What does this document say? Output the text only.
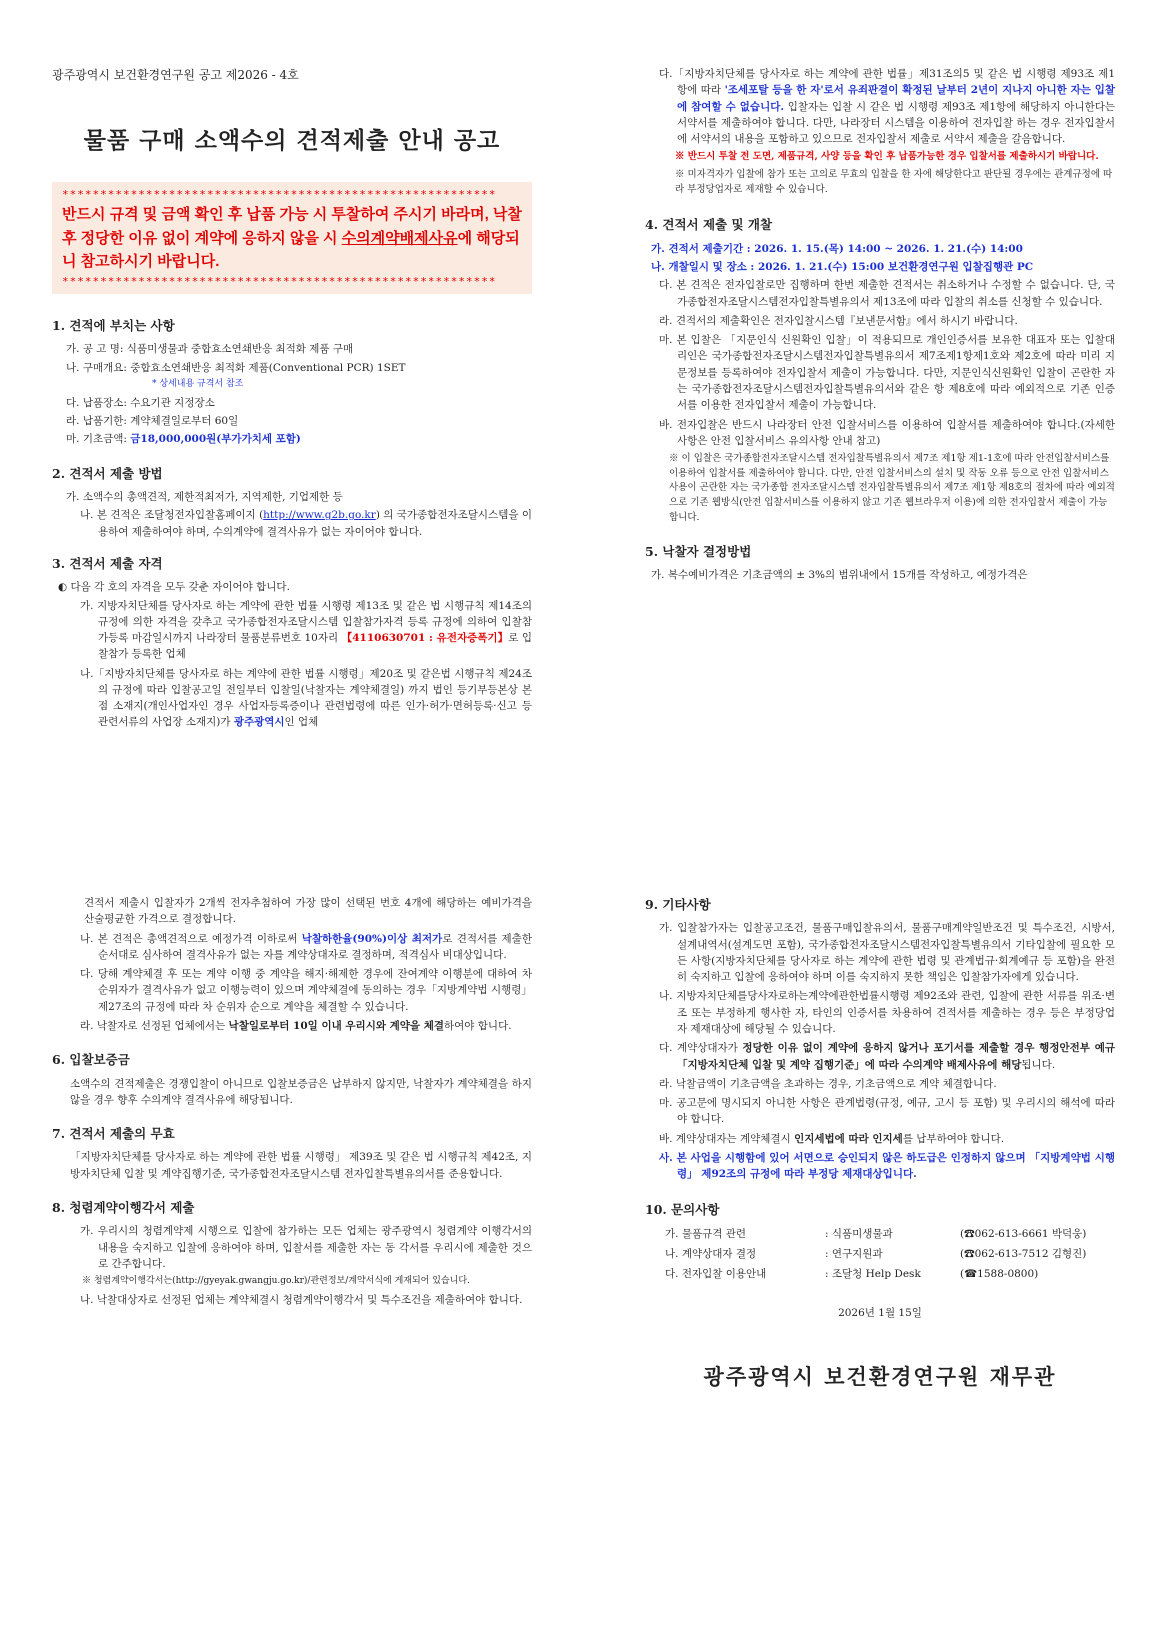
광주광역시 보건환경연구원 공고 제2026 - 4호
물품 구매 소액수의 견적제출 안내 공고
*********************************************************
반드시 규격 및 금액 확인 후 납품 가능 시 투찰하여 주시기 바라며, 낙찰 후 정당한 이유 없이 계약에 응하지 않을 시 수의계약배제사유에 해당되니 참고하시기 바랍니다.
*********************************************************
1. 견적에 부치는 사항
가. 공 고 명: 식품미생물과 중합효소연쇄반응 최적화 제품 구매
나. 구매개요: 중합효소연쇄반응 최적화 제품(Conventional PCR) 1SET
* 상세내용 규격서 참조
다. 납품장소: 수요기관 지정장소
라. 납품기한: 계약체결일로부터 60일
마. 기초금액: 금18,000,000원(부가가치세 포함)
2. 견적서 제출 방법
가. 소액수의 총액견적, 제한적최저가, 지역제한, 기업제한 등
나. 본 견적은 조달청전자입찰홈페이지 (http://www.g2b.go.kr) 의 국가종합전자조달시스템을 이용하여 제출하여야 하며, 수의계약에 결격사유가 없는 자이어야 합니다.
3. 견적서 제출 자격
◐ 다음 각 호의 자격을 모두 갖춘 자이어야 합니다.
가. 지방자치단체를 당사자로 하는 계약에 관한 법률 시행령 제13조 및 같은 법 시행규칙 제14조의 규정에 의한 자격을 갖추고 국가종합전자조달시스템 입찰참가자격 등록 규정에 의하여 입찰참가등록 마감일시까지 나라장터 물품분류번호 10자리 【4110630701 : 유전자증폭기】로 입찰참가 등록한 업체
나.「지방자치단체를 당사자로 하는 계약에 관한 법률 시행령」제20조 및 같은법 시행규칙 제24조의 규정에 따라 입찰공고일 전일부터 입찰일(낙찰자는 계약체결일) 까지 법인 등기부등본상 본점 소재지(개인사업자인 경우 사업자등록증이나 관련법령에 따른 인가·허가·면허등록·신고 등 관련서류의 사업장 소재지)가 광주광역시인 업체
다.「지방자치단체를 당사자로 하는 계약에 관한 법률」제31조의5 및 같은 법 시행령 제93조 제1항에 따라 '조세포탈 등을 한 자'로서 유죄판결이 확정된 날부터 2년이 지나지 아니한 자는 입찰에 참여할 수 없습니다. 입찰자는 입찰 시 같은 법 시행령 제93조 제1항에 해당하지 아니한다는 서약서를 제출하여야 합니다. 다만, 나라장터 시스템을 이용하여 전자입찰 하는 경우 전자입찰서에 서약서의 내용을 포함하고 있으므로 전자입찰서 제출로 서약서 제출을 갈음합니다.
※ 반드시 투찰 전 도면, 제품규격, 사양 등을 확인 후 납품가능한 경우 입찰서를 제출하시기 바랍니다.
※ 미자격자가 입찰에 참가 또는 고의로 무효의 입찰을 한 자에 해당한다고 판단될 경우에는 관계규정에 따라 부정당업자로 제재할 수 있습니다.
4. 견적서 제출 및 개찰
가. 견적서 제출기간 : 2026. 1. 15.(목) 14:00 ~ 2026. 1. 21.(수) 14:00
나. 개찰일시 및 장소 : 2026. 1. 21.(수) 15:00 보건환경연구원 입찰집행관 PC
다. 본 견적은 전자입찰로만 집행하며 한번 제출한 견적서는 취소하거나 수정할 수 없습니다. 단, 국가종합전자조달시스템전자입찰특별유의서 제13조에 따라 입찰의 취소를 신청할 수 있습니다.
라. 견적서의 제출확인은 전자입찰시스템『보낸문서함』에서 하시기 바랍니다.
마. 본 입찰은 「지문인식 신원확인 입찰」이 적용되므로 개인인증서를 보유한 대표자 또는 입찰대리인은 국가종합전자조달시스템전자입찰특별유의서 제7조제1항제1호와 제2호에 따라 미리 지문정보를 등록하여야 전자입찰서 제출이 가능합니다. 다만, 지문인식신원확인 입찰이 곤란한 자는 국가종합전자조달시스템전자입찰특별유의서와 같은 항 제8호에 따라 예외적으로 기존 인증서를 이용한 전자입찰서 제출이 가능합니다.
바. 전자입찰은 반드시 나라장터 안전 입찰서비스를 이용하여 입찰서를 제출하여야 합니다.(자세한 사항은 안전 입찰서비스 유의사항 안내 참고)
※ 이 입찰은 국가종합전자조달시스템 전자입찰특별유의서 제7조 제1항 제1-1호에 따라 안전입찰서비스를 이용하여 입찰서를 제출하여야 합니다. 다만, 안전 입찰서비스의 설치 및 작동 오류 등으로 안전 입찰서비스 사용이 곤란한 자는 국가종합 전자조달시스템 전자입찰특별유의서 제7조 제1항 제8호의 절차에 따라 예외적으로 기존 웹방식(안전 입찰서비스를 이용하지 않고 기존 웹브라우저 이용)에 의한 전자입찰서 제출이 가능합니다.
5. 낙찰자 결정방법
가. 복수예비가격은 기초금액의 ± 3%의 범위내에서 15개를 작성하고, 예정가격은
견적서 제출시 입찰자가 2개씩 전자추첨하여 가장 많이 선택된 번호 4개에 해당하는 예비가격을 산술평균한 가격으로 결정합니다.
나. 본 견적은 총액견적으로 예정가격 이하로써 낙찰하한율(90%)이상 최저가로 견적서를 제출한 순서대로 심사하여 결격사유가 없는 자를 계약상대자로 결정하며, 적격심사 비대상입니다.
다. 당해 계약체결 후 또는 계약 이행 중 계약을 해지·해제한 경우에 잔여계약 이행분에 대하여 차 순위자가 결격사유가 없고 이행능력이 있으며 계약체결에 동의하는 경우「지방계약법 시행령」제27조의 규정에 따라 차 순위자 순으로 계약을 체결할 수 있습니다.
라. 낙찰자로 선정된 업체에서는 낙찰일로부터 10일 이내 우리시와 계약을 체결하여야 합니다.
6. 입찰보증금
소액수의 견적제출은 경쟁입찰이 아니므로 입찰보증금은 납부하지 않지만, 낙찰자가 계약체결을 하지 않을 경우 향후 수의계약 결격사유에 해당됩니다.
7. 견적서 제출의 무효
「지방자치단체를 당사자로 하는 계약에 관한 법률 시행령」 제39조 및 같은 법 시행규칙 제42조, 지방자치단체 입찰 및 계약집행기준, 국가종합전자조달시스템 전자입찰특별유의서를 준용합니다.
8. 청렴계약이행각서 제출
가. 우리시의 청렴계약제 시행으로 입찰에 참가하는 모든 업체는 광주광역시 청렴계약 이행각서의 내용을 숙지하고 입찰에 응하여야 하며, 입찰서를 제출한 자는 동 각서를 우리시에 제출한 것으로 간주합니다.
※ 청렴계약이행각서는(http://gyeyak.gwangju.go.kr)/관련정보/계약서식에 게재되어 있습니다.
나. 낙찰대상자로 선정된 업체는 계약체결시 청렴계약이행각서 및 특수조건을 제출하여야 합니다.
9. 기타사항
가. 입찰참가자는 입찰공고조건, 물품구매입찰유의서, 물품구매계약일반조건 및 특수조건, 시방서, 설계내역서(설계도면 포함), 국가종합전자조달시스템전자입찰특별유의서 기타입찰에 필요한 모든 사항(지방자치단체를 당사자로 하는 계약에 관한 법령 및 관계법규·회계예규 등 포함)을 완전히 숙지하고 입찰에 응하여야 하며 이를 숙지하지 못한 책임은 입찰참가자에게 있습니다.
나. 지방자치단체를당사자로하는계약에관한법률시행령 제92조와 관련, 입찰에 관한 서류를 위조·변조 또는 부정하게 행사한 자, 타인의 인증서를 차용하여 견적서를 제출하는 경우 등은 부정당업자 제재대상에 해당될 수 있습니다.
다. 계약상대자가 정당한 이유 없이 계약에 응하지 않거나 포기서를 제출할 경우 행정안전부 예규「지방자치단체 입찰 및 계약 집행기준」에 따라 수의계약 배제사유에 해당됩니다.
라. 낙찰금액이 기초금액을 초과하는 경우, 기초금액으로 계약 체결합니다.
마. 공고문에 명시되지 아니한 사항은 관계법령(규정, 예규, 고시 등 포함) 및 우리시의 해석에 따라야 합니다.
바. 계약상대자는 계약체결시 인지세법에 따라 인지세를 납부하여야 합니다.
사. 본 사업을 시행함에 있어 서면으로 승인되지 않은 하도급은 인정하지 않으며 「지방계약법 시행령」 제92조의 규정에 따라 부정당 제재대상입니다.
10. 문의사항
가. 물품규격 관련	: 식품미생물과	(☎062-613-6661 박덕웅)
나. 계약상대자 결정	: 연구지원과	(☎062-613-7512 김형진)
다. 전자입찰 이용안내	: 조달청 Help Desk	(☎1588-0800)
2026년 1월 15일
광주광역시 보건환경연구원 재무관
